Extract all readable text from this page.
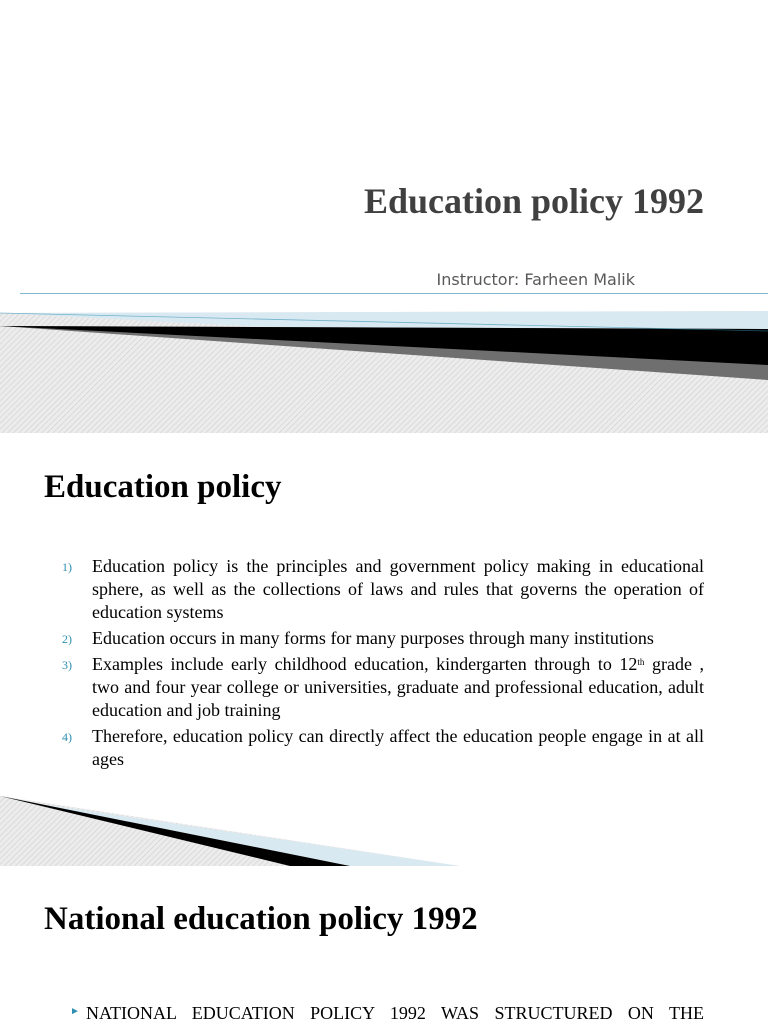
Education policy 1992
Instructor: Farheen Malik
Education policy
1) Education policy is the principles and government policy making in educational sphere, as well as the collections of laws and rules that governs the operation of education systems
2) Education occurs in many forms for many purposes through many institutions
3) Examples include early childhood education, kindergarten through to 12th grade , two and four year college or universities, graduate and professional education, adult education and job training
4) Therefore, education policy can directly affect the education people engage in at all ages
National education policy 1992
► NATIONAL EDUCATION POLICY 1992 WAS STRUCTURED ON THE
